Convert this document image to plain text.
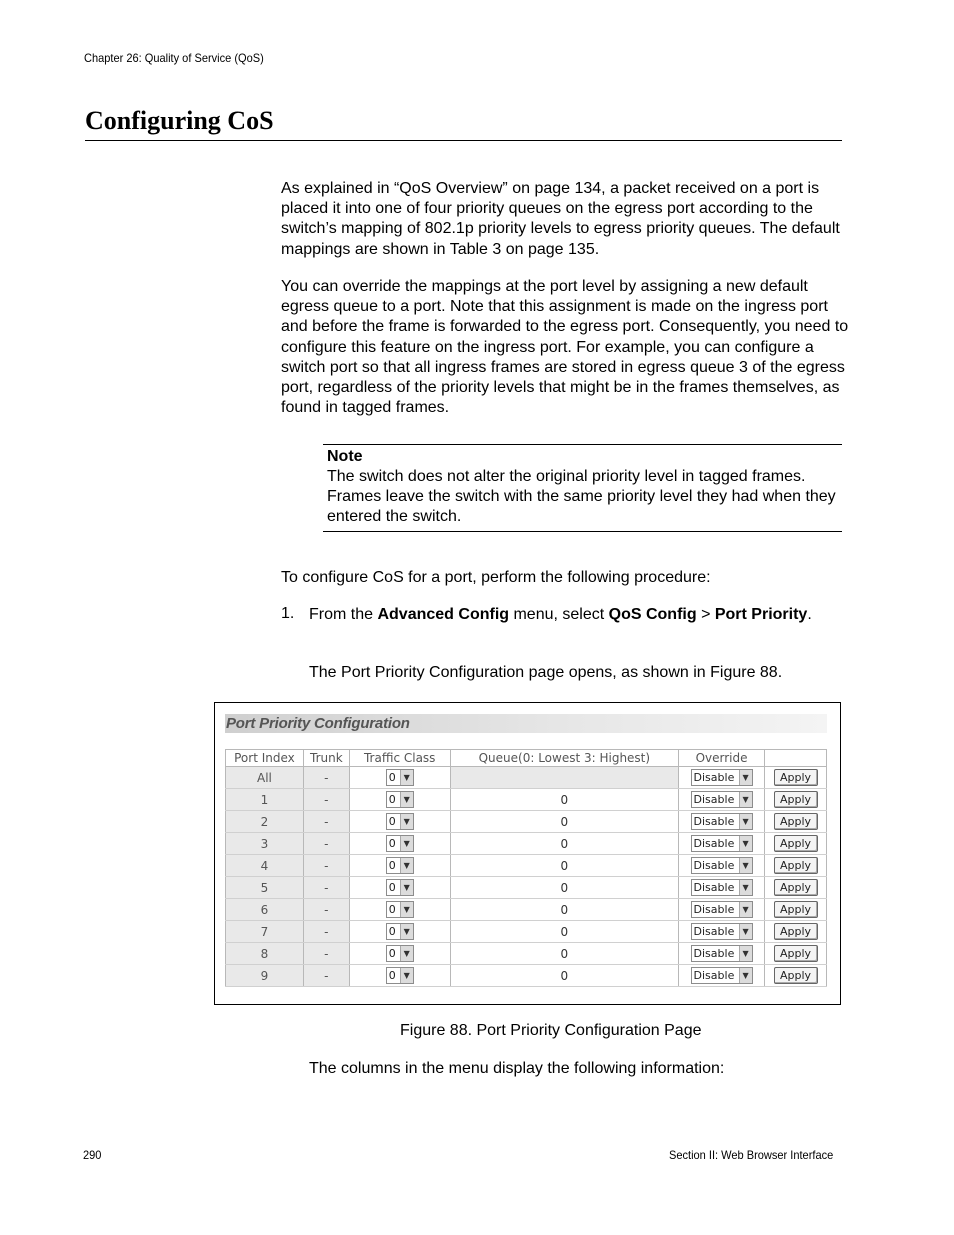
Chapter 26: Quality of Service (QoS)
Configuring CoS
As explained in “QoS Overview” on page 134, a packet received on a port is placed it into one of four priority queues on the egress port according to the switch’s mapping of 802.1p priority levels to egress priority queues. The default mappings are shown in Table 3 on page 135.
You can override the mappings at the port level by assigning a new default egress queue to a port. Note that this assignment is made on the ingress port and before the frame is forwarded to the egress port. Consequently, you need to configure this feature on the ingress port. For example, you can configure a switch port so that all ingress frames are stored in egress queue 3 of the egress port, regardless of the priority levels that might be in the frames themselves, as found in tagged frames.
Note
The switch does not alter the original priority level in tagged frames. Frames leave the switch with the same priority level they had when they entered the switch.
To configure CoS for a port, perform the following procedure:
1. From the Advanced Config menu, select QoS Config > Port Priority.
The Port Priority Configuration page opens, as shown in Figure 88.
Port Priority Configuration
Port Index	Trunk	Traffic Class	Queue(0: Lowest 3: Highest)	Override	
All	-	0 ▼		Disable ▼	Apply
1	-	0 ▼	0	Disable ▼	Apply
2	-	0 ▼	0	Disable ▼	Apply
3	-	0 ▼	0	Disable ▼	Apply
4	-	0 ▼	0	Disable ▼	Apply
5	-	0 ▼	0	Disable ▼	Apply
6	-	0 ▼	0	Disable ▼	Apply
7	-	0 ▼	0	Disable ▼	Apply
8	-	0 ▼	0	Disable ▼	Apply
9	-	0 ▼	0	Disable ▼	Apply
Figure 88. Port Priority Configuration Page
The columns in the menu display the following information:
290	Section II: Web Browser Interface
